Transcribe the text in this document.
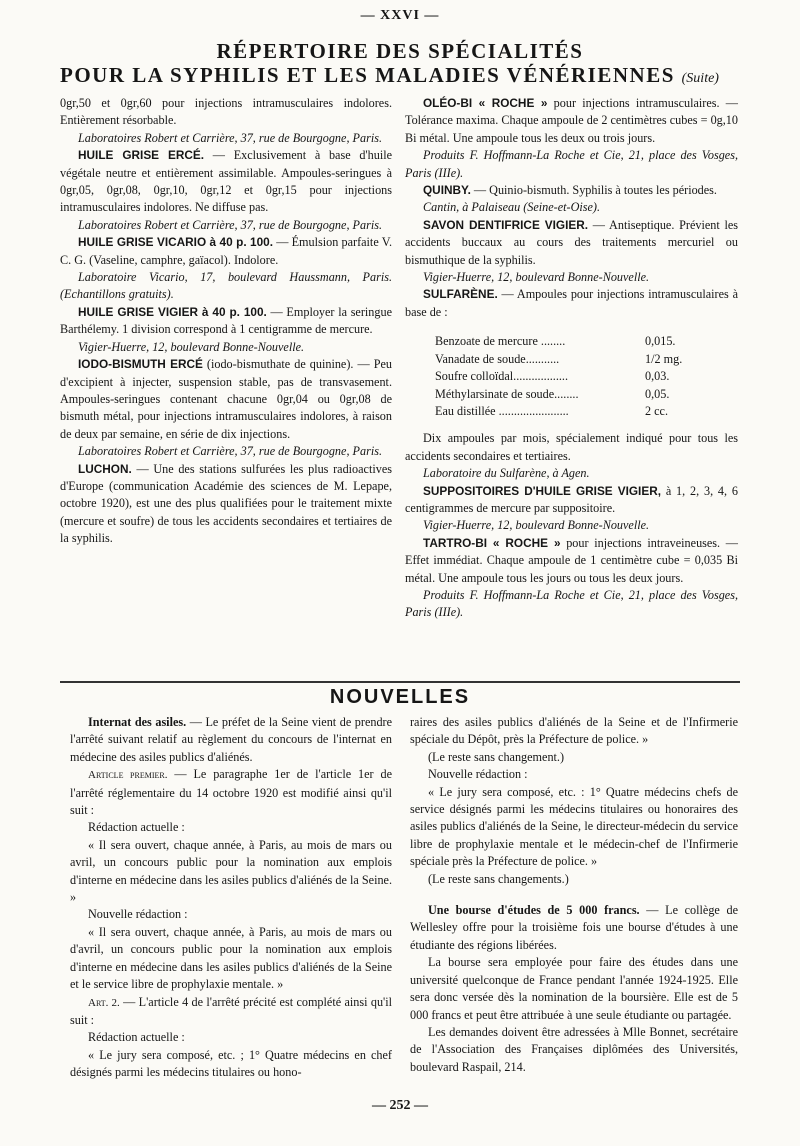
— XXVI —
RÉPERTOIRE DES SPÉCIALITÉS
POUR LA SYPHILIS ET LES MALADIES VÉNÉRIENNES (Suite)

0gr,50 et 0gr,60 pour injections intramusculaires indolores. Entièrement résorbable.

Laboratoires Robert et Carrière, 37, rue de Bourgogne, Paris.

HUILE GRISE ERCÉ. — Exclusivement à base d'huile végétale neutre et entièrement assimilable. Ampoules-seringues à 0gr,05, 0gr,08, 0gr,10, 0gr,12 et 0gr,15 pour injections intramusculaires indolores. Ne diffuse pas.

Laboratoires Robert et Carrière, 37, rue de Bourgogne, Paris.

HUILE GRISE VICARIO à 40 p. 100. — Émulsion parfaite V. C. G. (Vaseline, camphre, gaïacol). Indolore.

Laboratoire Vicario, 17, boulevard Haussmann, Paris. (Echantillons gratuits).

HUILE GRISE VIGIER à 40 p. 100. — Employer la seringue Barthélemy. 1 division correspond à 1 centigramme de mercure.

Vigier-Huerre, 12, boulevard Bonne-Nouvelle.

IODO-BISMUTH ERCÉ (iodo-bismuthate de quinine). — Peu d'excipient à injecter, suspension stable, pas de transvasement. Ampoules-seringues contenant chacune 0gr,04 ou 0gr,08 de bismuth métal, pour injections intramusculaires indolores, à raison de deux par semaine, en série de dix injections.

Laboratoires Robert et Carrière, 37, rue de Bourgogne, Paris.

LUCHON. — Une des stations sulfurées les plus radioactives d'Europe (communication Académie des sciences de M. Lepape, octobre 1920), est une des plus qualifiées pour le traitement mixte (mercure et soufre) de tous les accidents secondaires et tertiaires de la syphilis.

OLÉO-BI « ROCHE » pour injections intramusculaires. — Tolérance maxima. Chaque ampoule de 2 centimètres cubes = 0g,10 Bi métal. Une ampoule tous les deux ou trois jours.

Produits F. Hoffmann-La Roche et Cie, 21, place des Vosges, Paris (IIIe).

QUINBY. — Quinio-bismuth. Syphilis à toutes les périodes.

Cantin, à Palaiseau (Seine-et-Oise).

SAVON DENTIFRICE VIGIER. — Antiseptique. Prévient les accidents buccaux au cours des traitements mercuriel ou bismuthique de la syphilis.

Vigier-Huerre, 12, boulevard Bonne-Nouvelle.

SULFARÈNE. — Ampoules pour injections intramusculaires à base de :

Benzoate de mercure ........	0,015.
Vanadate de soude...........	1/2 mg.
Soufre colloïdal..................	0,03.
Méthylarsinate de soude........	0,05.
Eau distillée .......................	2 cc.

Dix ampoules par mois, spécialement indiqué pour tous les accidents secondaires et tertiaires.

Laboratoire du Sulfarène, à Agen.

SUPPOSITOIRES D'HUILE GRISE VIGIER, à 1, 2, 3, 4, 6 centigrammes de mercure par suppositoire.

Vigier-Huerre, 12, boulevard Bonne-Nouvelle.

TARTRO-BI « ROCHE » pour injections intraveineuses. — Effet immédiat. Chaque ampoule de 1 centimètre cube = 0,035 Bi métal. Une ampoule tous les jours ou tous les deux jours.

Produits F. Hoffmann-La Roche et Cie, 21, place des Vosges, Paris (IIIe).

NOUVELLES

Internat des asiles. — Le préfet de la Seine vient de prendre l'arrêté suivant relatif au règlement du concours de l'internat en médecine des asiles publics d'aliénés.

Article premier. — Le paragraphe 1er de l'article 1er de l'arrêté réglementaire du 14 octobre 1920 est modifié ainsi qu'il suit :

Rédaction actuelle :

« Il sera ouvert, chaque année, à Paris, au mois de mars ou avril, un concours public pour la nomination aux emplois d'interne en médecine dans les asiles publics d'aliénés de la Seine. »

Nouvelle rédaction :

« Il sera ouvert, chaque année, à Paris, au mois de mars ou d'avril, un concours public pour la nomination aux emplois d'interne en médecine dans les asiles publics d'aliénés de la Seine et le service libre de prophylaxie mentale. »

Art. 2. — L'article 4 de l'arrêté précité est complété ainsi qu'il suit :

Rédaction actuelle :

« Le jury sera composé, etc. ; 1° Quatre médecins en chef désignés parmi les médecins titulaires ou hono-

raires des asiles publics d'aliénés de la Seine et de l'Infirmerie spéciale du Dépôt, près la Préfecture de police. »

(Le reste sans changement.)

Nouvelle rédaction :

« Le jury sera composé, etc. : 1° Quatre médecins chefs de service désignés parmi les médecins titulaires ou honoraires des asiles publics d'aliénés de la Seine, le directeur-médecin du service libre de prophylaxie mentale et le médecin-chef de l'Infirmerie spéciale près la Préfecture de police. »

(Le reste sans changements.)

Une bourse d'études de 5 000 francs. — Le collège de Wellesley offre pour la troisième fois une bourse d'études à une étudiante des régions libérées.

La bourse sera employée pour faire des études dans une université quelconque de France pendant l'année 1924-1925. Elle sera donc versée dès la nomination de la boursière. Elle est de 5 000 francs et peut être attribuée à une seule étudiante ou partagée.

Les demandes doivent être adressées à Mlle Bonnet, secrétaire de l'Association des Françaises diplômées des Universités, boulevard Raspail, 214.

— 252 —
